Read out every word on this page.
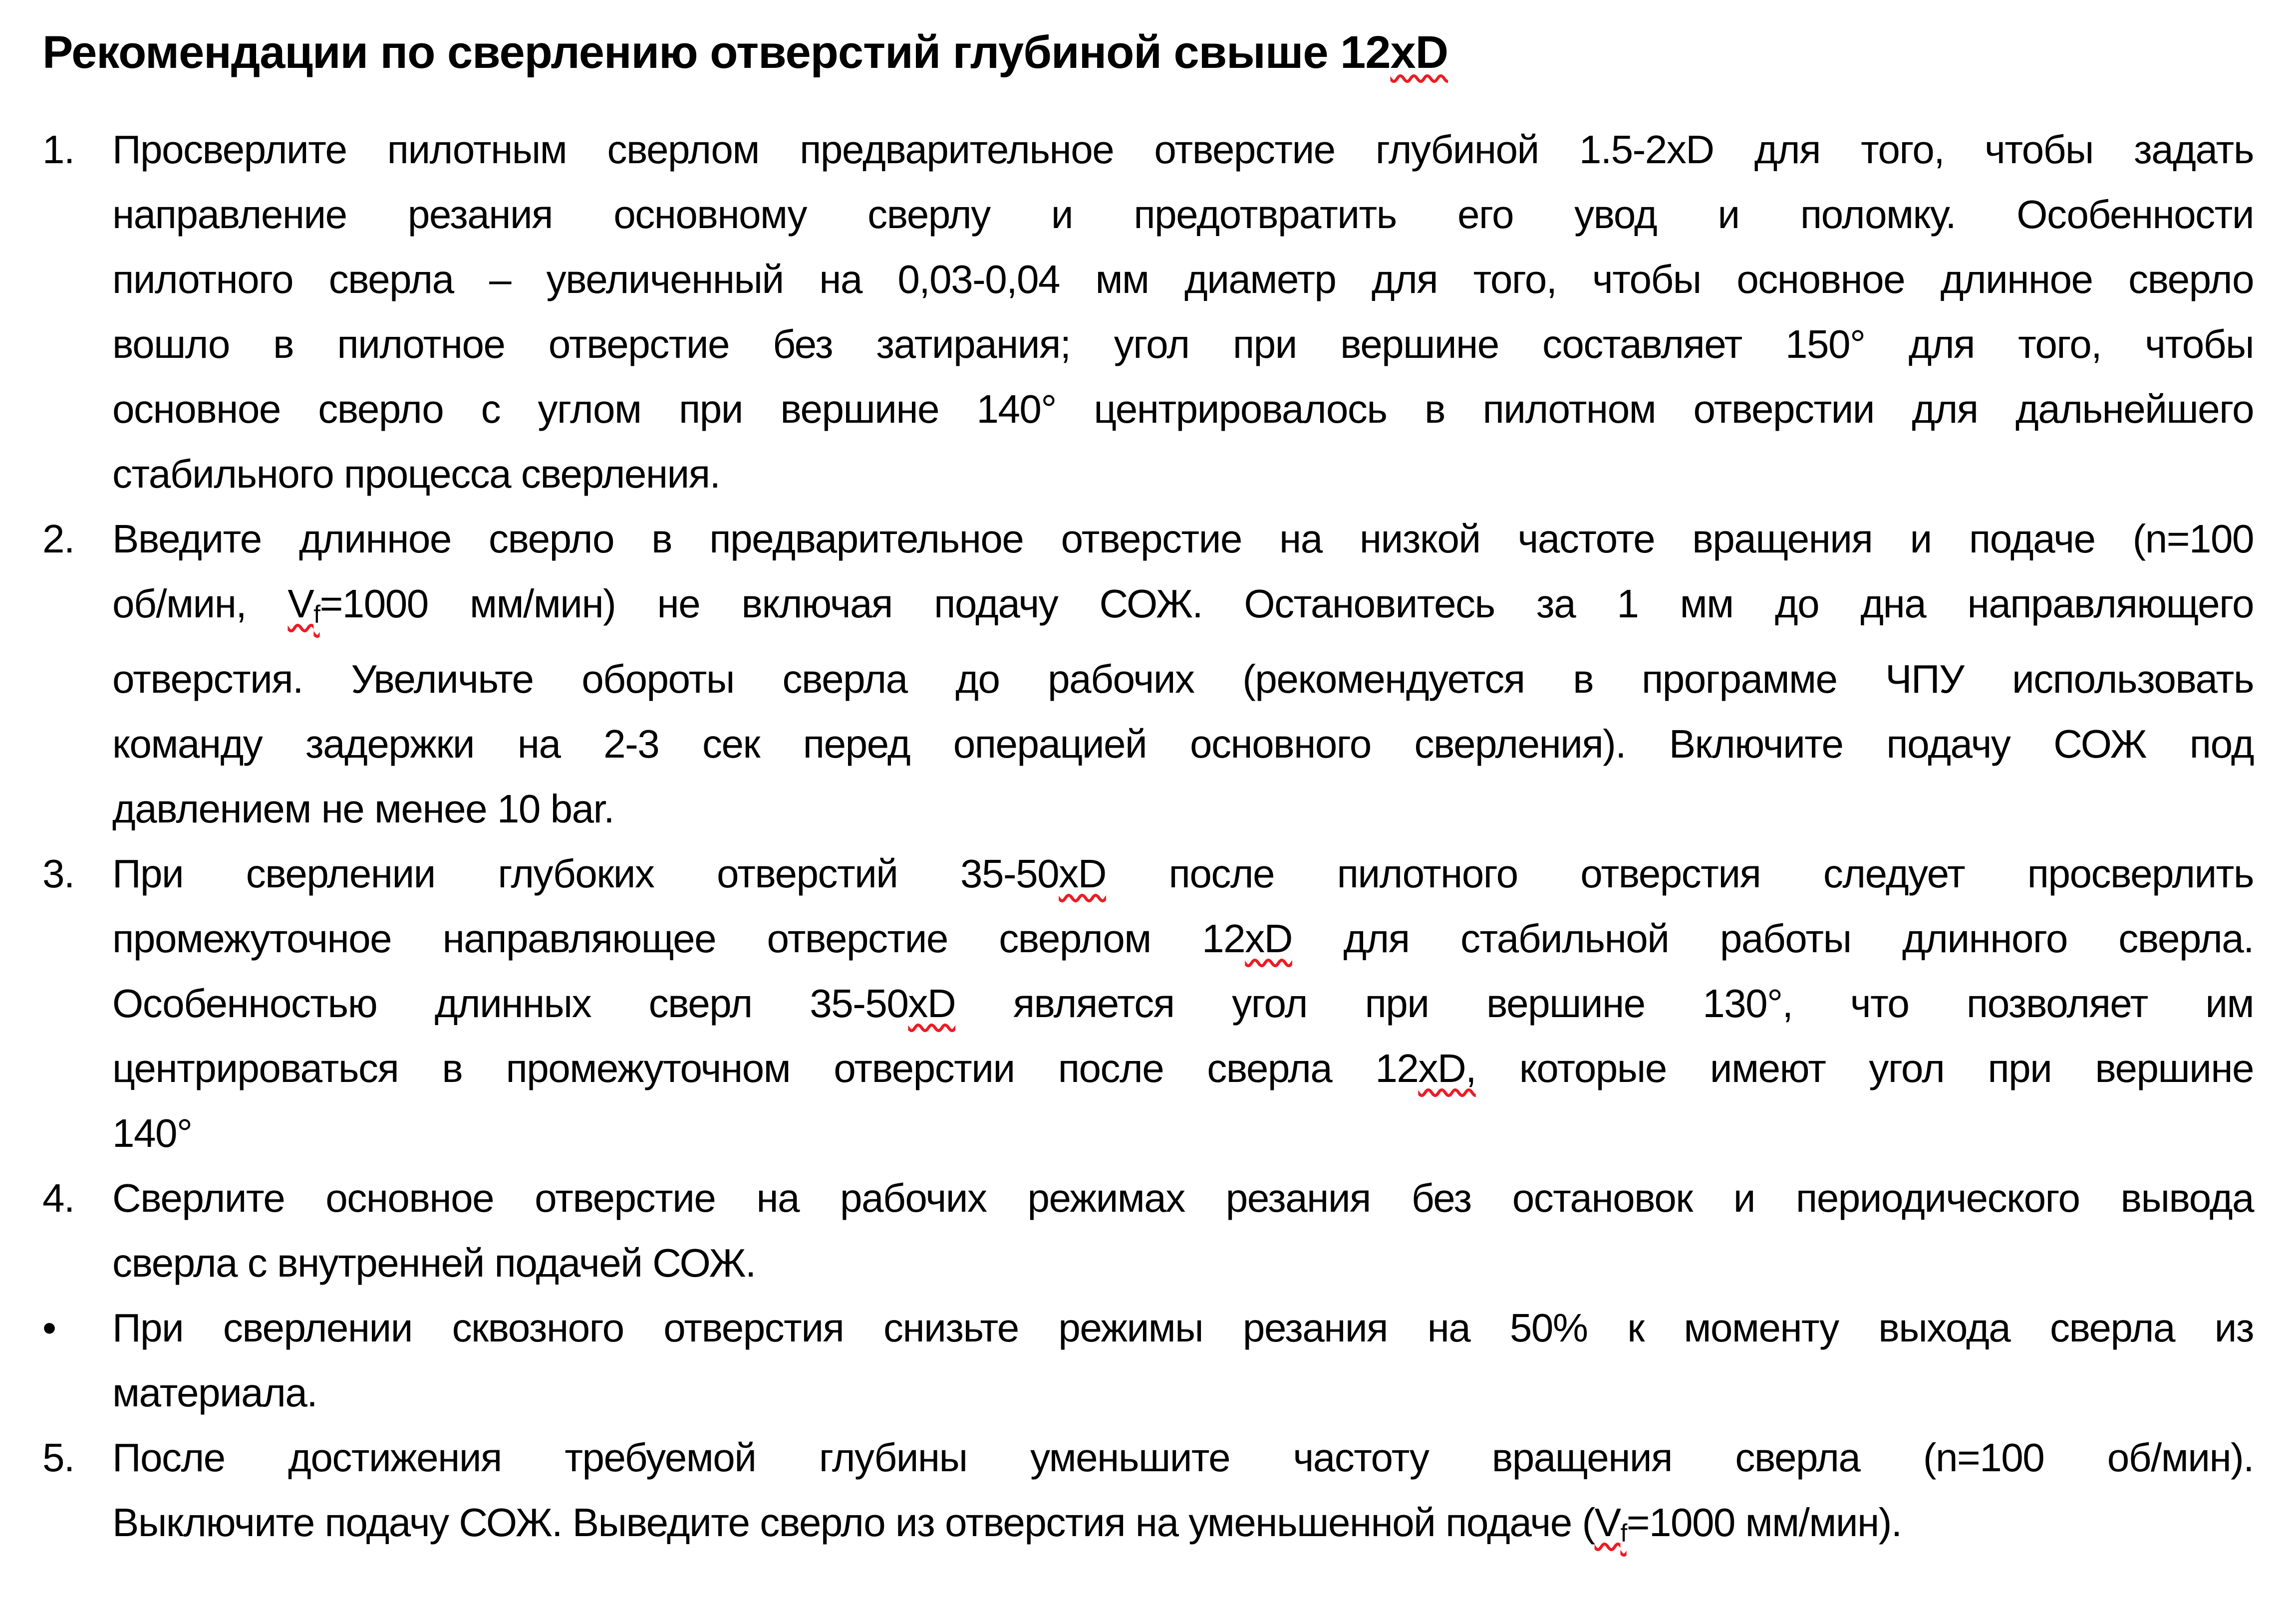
Рекомендации по сверлению отверстий глубиной свыше 12xD
1. Просверлите пилотным сверлом предварительное отверстие глубиной 1.5-2xD для того, чтобы задать
направление резания основному сверлу и предотвратить его увод и поломку. Особенности
пилотного сверла – увеличенный на 0,03-0,04 мм диаметр для того, чтобы основное длинное сверло
вошло в пилотное отверстие без затирания; угол при вершине составляет 150° для того, чтобы
основное сверло с углом при вершине 140° центрировалось в пилотном отверстии для дальнейшего
стабильного процесса сверления.
2. Введите длинное сверло в предварительное отверстие на низкой частоте вращения и подаче (n=100
об/мин, $V_f=1000$ мм/мин) не включая подачу СОЖ. Остановитесь за 1 мм до дна направляющего
отверстия. Увеличьте обороты сверла до рабочих (рекомендуется в программе ЧПУ использовать
команду задержки на 2-3 сек перед операцией основного сверления). Включите подачу СОЖ под
давлением не менее 10 bar.
3. При сверлении глубоких отверстий 35-50xD после пилотного отверстия следует просверлить
промежуточное направляющее отверстие сверлом 12xD для стабильной работы длинного сверла.
Особенностью длинных сверл 35-50xD является угол при вершине 130°, что позволяет им
центрироваться в промежуточном отверстии после сверла 12xD, которые имеют угол при вершине
140°
4. Сверлите основное отверстие на рабочих режимах резания без остановок и периодического вывода
сверла с внутренней подачей СОЖ.
•	При сверлении сквозного отверстия снизьте режимы резания на 50% к моменту выхода сверла из
материала.
5. После достижения требуемой глубины уменьшите частоту вращения сверла (n=100 об/мин).
Выключите подачу СОЖ. Выведите сверло из отверстия на уменьшенной подаче ($V_f=1000$ мм/мин).
